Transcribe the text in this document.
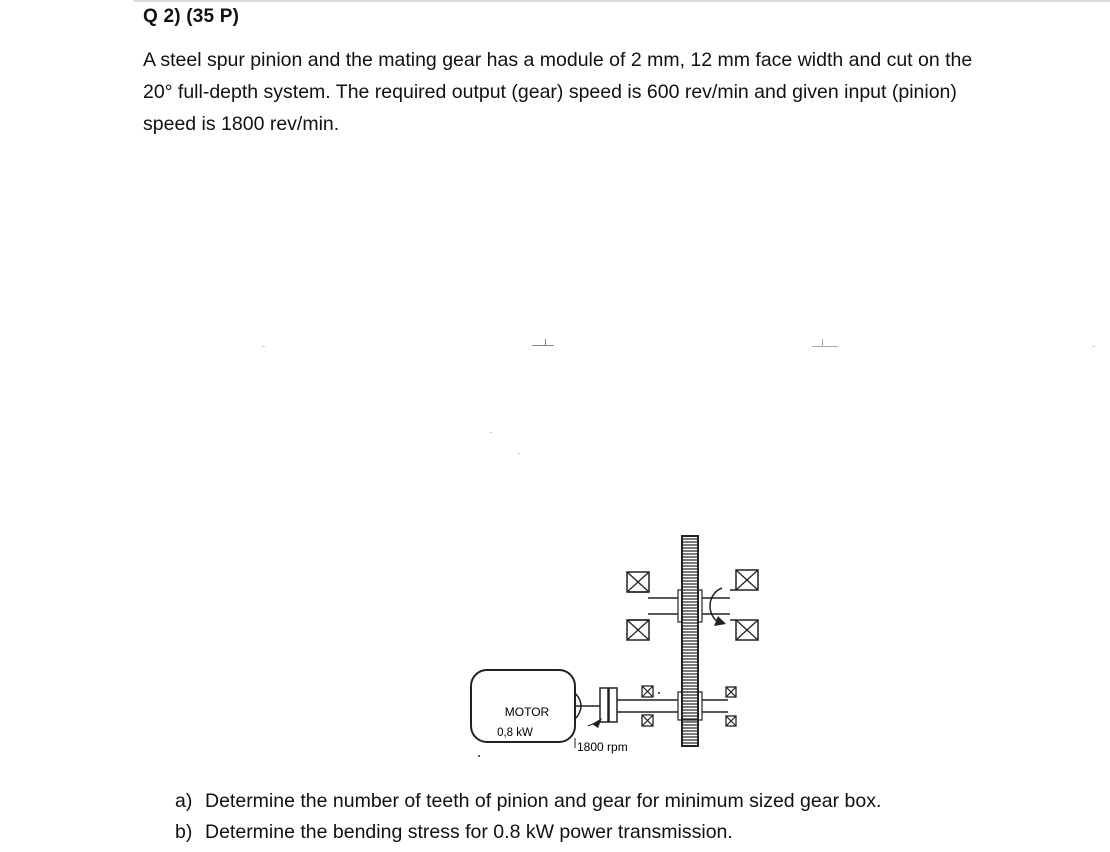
Q 2) (35 P)
A steel spur pinion and the mating gear has a module of 2 mm, 12 mm face width and cut on the
20° full-depth system. The required output (gear) speed is 600 rev/min and given input (pinion)
speed is 1800 rev/min.
MOTOR
0,8 kW
1800 rpm
a) Determine the number of teeth of pinion and gear for minimum sized gear box.
b) Determine the bending stress for 0.8 kW power transmission.
